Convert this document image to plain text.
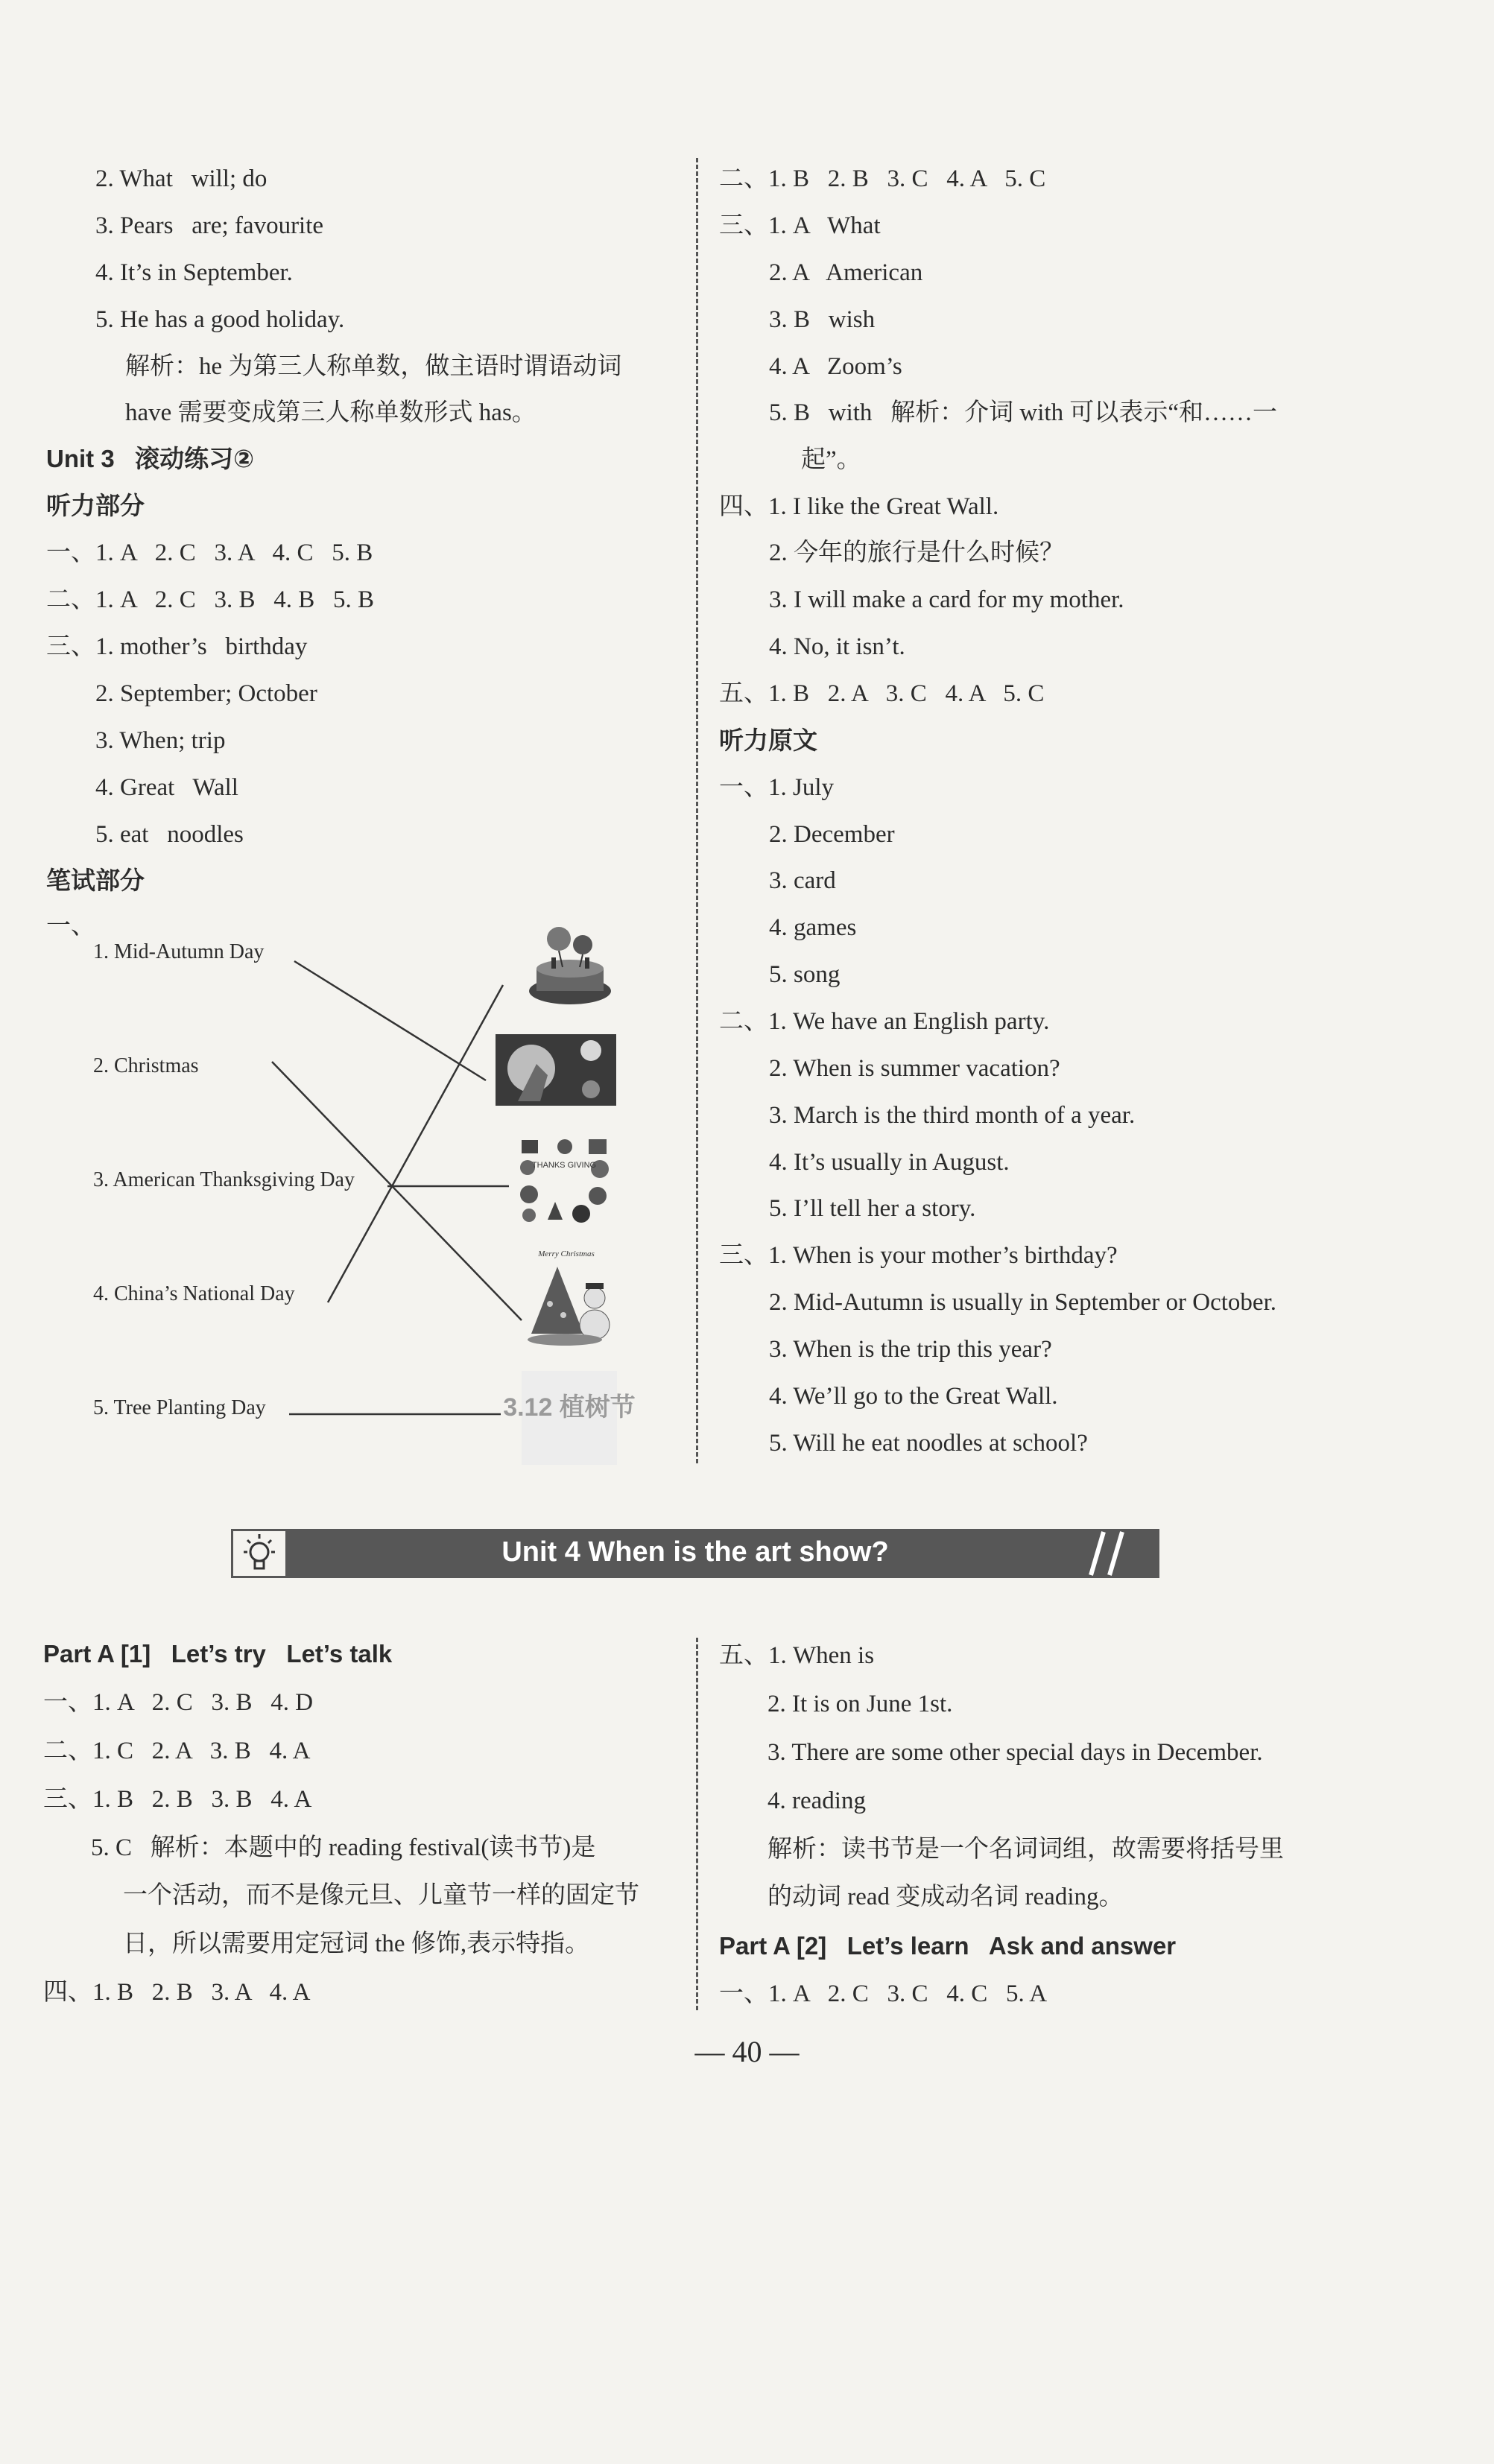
2. What   will; do
3. Pears   are; favourite
4. It’s in September.
5. He has a good holiday.
解析：he 为第三人称单数，做主语时谓语动词
have 需要变成第三人称单数形式 has。
Unit 3   滚动练习②
听力部分
一、1. A   2. C   3. A   4. C   5. B
二、1. A   2. C   3. B   4. B   5. B
三、1. mother’s   birthday
2. September; October
3. When; trip
4. Great   Wall
5. eat   noodles
笔试部分
一、
1. Mid-Autumn Day
2. Christmas
3. American Thanksgiving Day
4. China’s National Day
5. Tree Planting Day
THANKS GIVING
Merry Christmas
3.12 植树节
二、1. B   2. B   3. C   4. A   5. C
三、1. A   What
2. A   American
3. B   wish
4. A   Zoom’s
5. B   with   解析：介词 with 可以表示“和……一
起”。
四、1. I like the Great Wall.
2. 今年的旅行是什么时候？
3. I will make a card for my mother.
4. No, it isn’t.
五、1. B   2. A   3. C   4. A   5. C
听力原文
一、1. July
2. December
3. card
4. games
5. song
二、1. We have an English party.
2. When is summer vacation?
3. March is the third month of a year.
4. It’s usually in August.
5. I’ll tell her a story.
三、1. When is your mother’s birthday?
2. Mid-Autumn is usually in September or October.
3. When is the trip this year?
4. We’ll go to the Great Wall.
5. Will he eat noodles at school?
Unit 4 When is the art show?
Part A [1]   Let’s try   Let’s talk
一、1. A   2. C   3. B   4. D
二、1. C   2. A   3. B   4. A
三、1. B   2. B   3. B   4. A
5. C   解析：本题中的 reading festival(读书节)是
一个活动，而不是像元旦、儿童节一样的固定节
日，所以需要用定冠词 the 修饰,表示特指。
四、1. B   2. B   3. A   4. A
五、1. When is
2. It is on June 1st.
3. There are some other special days in December.
4. reading
解析：读书节是一个名词词组，故需要将括号里
的动词 read 变成动名词 reading。
Part A [2]   Let’s learn   Ask and answer
一、1. A   2. C   3. C   4. C   5. A
— 40 —
